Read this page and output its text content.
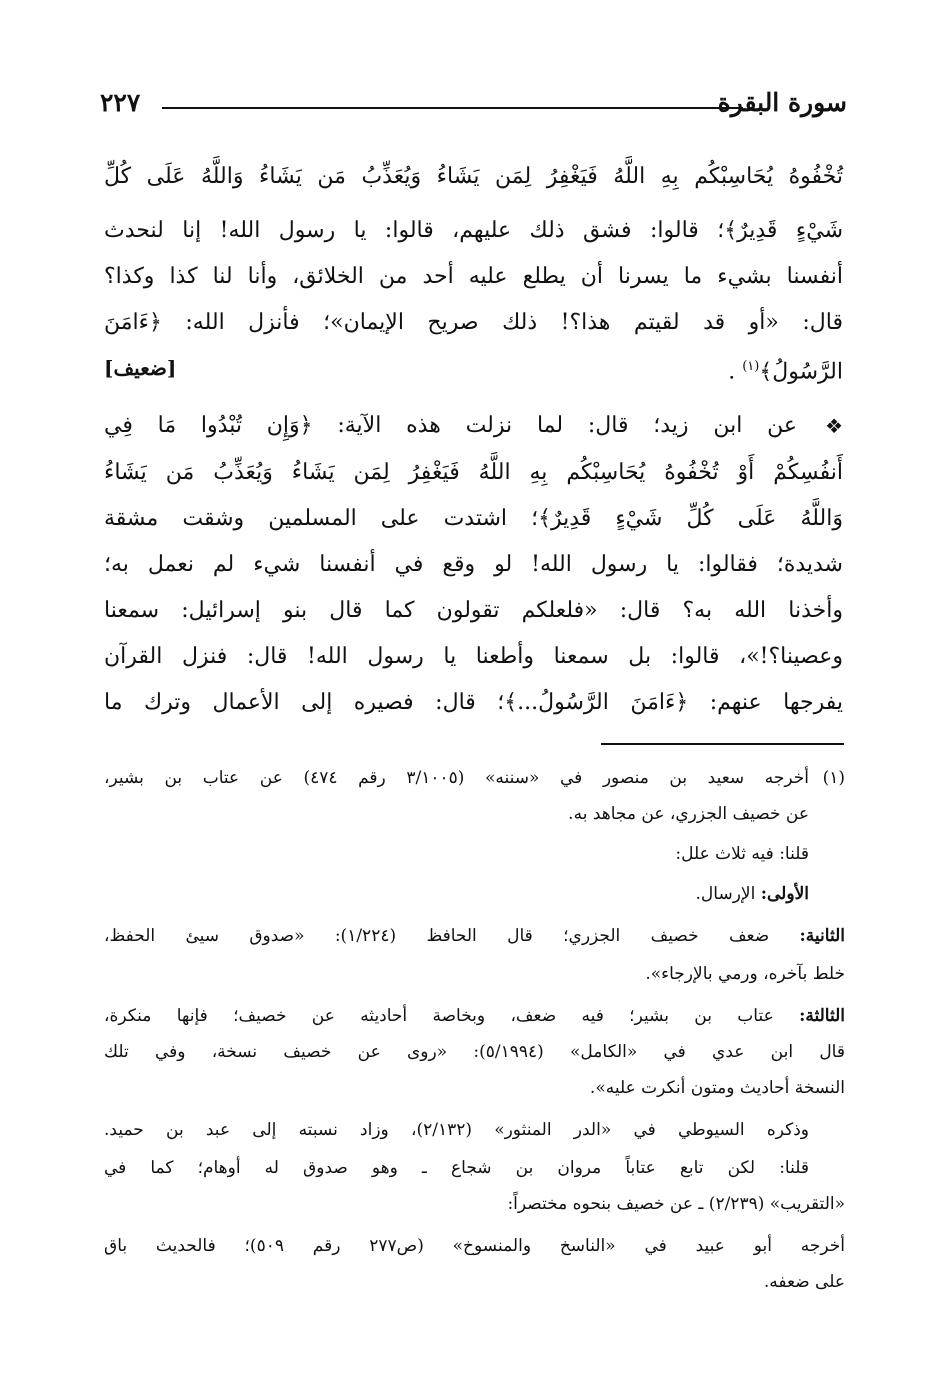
سورة البقرة
٢٢٧
تُخْفُوهُ يُحَاسِبْكُم بِهِ اللَّهُ فَيَغْفِرُ لِمَن يَشَاءُ وَيُعَذِّبُ مَن يَشَاءُ وَاللَّهُ عَلَى كُلِّ
شَيْءٍ قَدِيرٌ﴾؛ قالوا: فشق ذلك عليهم، قالوا: يا رسول الله! إنا لنحدث
أنفسنا بشيء ما يسرنا أن يطلع عليه أحد من الخلائق، وأنا لنا كذا وكذا؟
قال: «أو قد لقيتم هذا؟! ذلك صريح الإيمان»؛ فأنزل الله: ﴿ءَامَنَ
الرَّسُولُ﴾$^{(١)}$ .
[ضعيف]
❖
عن ابن زيد؛ قال: لما نزلت هذه الآية: ﴿وَإِن تُبْدُوا مَا فِي
أَنفُسِكُمْ أَوْ تُخْفُوهُ يُحَاسِبْكُم بِهِ اللَّهُ فَيَغْفِرُ لِمَن يَشَاءُ وَيُعَذِّبُ مَن يَشَاءُ
وَاللَّهُ عَلَى كُلِّ شَيْءٍ قَدِيرٌ﴾؛ اشتدت على المسلمين وشقت مشقة
شديدة؛ فقالوا: يا رسول الله! لو وقع في أنفسنا شيء لم نعمل به؛
وأخذنا الله به؟ قال: «فلعلكم تقولون كما قال بنو إسرائيل: سمعنا
وعصينا؟!»، قالوا: بل سمعنا وأطعنا يا رسول الله! قال: فنزل القرآن
يفرجها عنهم: ﴿ءَامَنَ الرَّسُولُ...﴾؛ قال: فصيره إلى الأعمال وترك ما
(١)
أخرجه سعيد بن منصور في «سننه» (٣/١٠٠٥ رقم ٤٧٤) عن عتاب بن بشير،
عن خصيف الجزري، عن مجاهد به.
قلنا: فيه ثلاث علل:
الأولى: الإرسال.
الثانية: ضعف خصيف الجزري؛ قال الحافظ (١/٢٢٤): «صدوق سيئ الحفظ،
خلط بآخره، ورمي بالإرجاء».
الثالثة: عتاب بن بشير؛ فيه ضعف، وبخاصة أحاديثه عن خصيف؛ فإنها منكرة،
قال ابن عدي في «الكامل» (٥/١٩٩٤): «روى عن خصيف نسخة، وفي تلك
النسخة أحاديث ومتون أنكرت عليه».
وذكره السيوطي في «الدر المنثور» (٢/١٣٢)، وزاد نسبته إلى عبد بن حميد.
قلنا: لكن تابع عتاباً مروان بن شجاع ـ وهو صدوق له أوهام؛ كما في
«التقريب» (٢/٢٣٩) ـ عن خصيف بنحوه مختصراً:
أخرجه أبو عبيد في «الناسخ والمنسوخ» (ص٢٧٧ رقم ٥٠٩)؛ فالحديث باق
على ضعفه.
